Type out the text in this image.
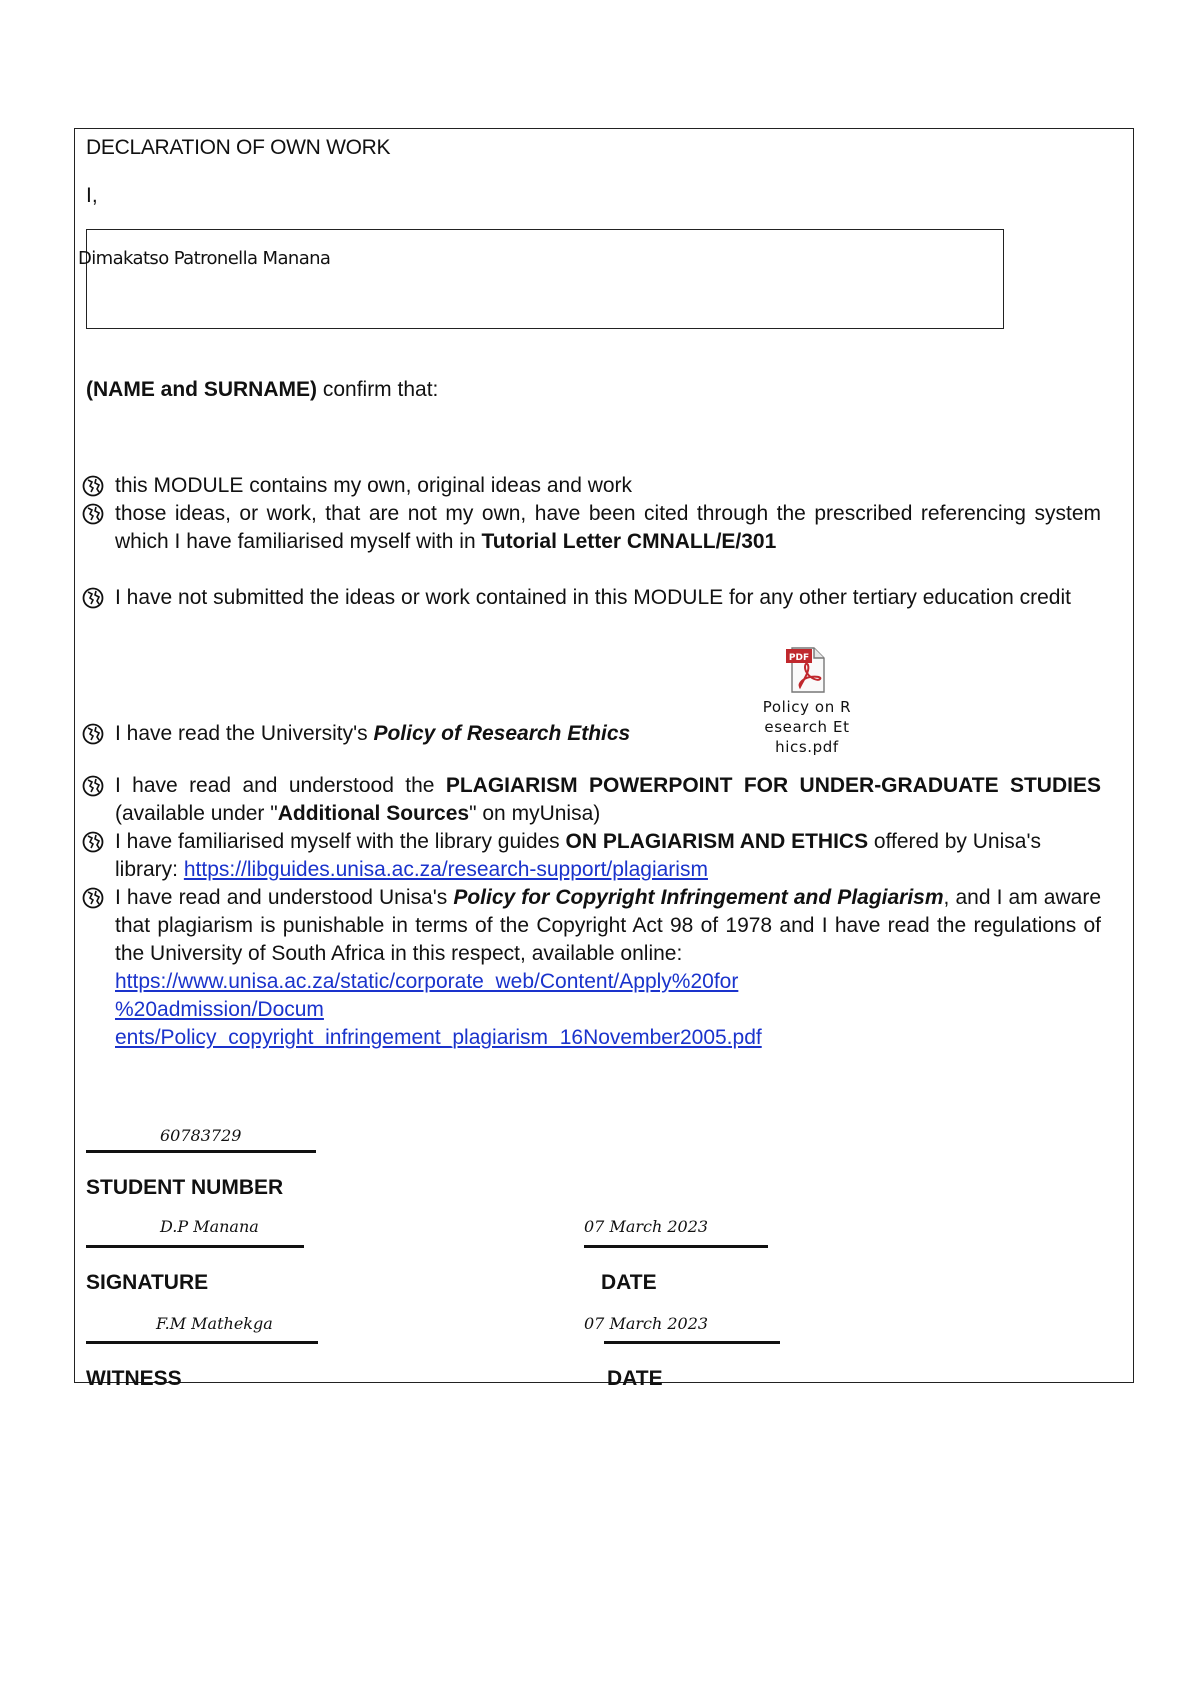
DECLARATION OF OWN WORK
I,
Dimakatso Patronella Manana
(NAME and SURNAME) confirm that:
this MODULE contains my own, original ideas and work
those ideas, or work, that are not my own, have been cited through the prescribed referencing system which I have familiarised myself with in Tutorial Letter CMNALL/E/301
I have not submitted the ideas or work contained in this MODULE for any other tertiary education credit
I have read the University's Policy of Research Ethics
PDF
Policy on Research Ethics.pdf
I have read and understood the PLAGIARISM POWERPOINT FOR UNDER-GRADUATE STUDIES (available under "Additional Sources" on myUnisa)
I have familiarised myself with the library guides ON PLAGIARISM AND ETHICS offered by Unisa's library: https://libguides.unisa.ac.za/research-support/plagiarism
I have read and understood Unisa's Policy for Copyright Infringement and Plagiarism, and I am aware that plagiarism is punishable in terms of the Copyright Act 98 of 1978 and I have read the regulations of the University of South Africa in this respect, available online:
https://www.unisa.ac.za/static/corporate_web/Content/Apply%20for
%20admission/Docum
ents/Policy_copyright_infringement_plagiarism_16November2005.pdf
60783729
STUDENT NUMBER
D.P Manana
SIGNATURE
07 March 2023
DATE
F.M Mathekga
WITNESS
07 March 2023
DATE
